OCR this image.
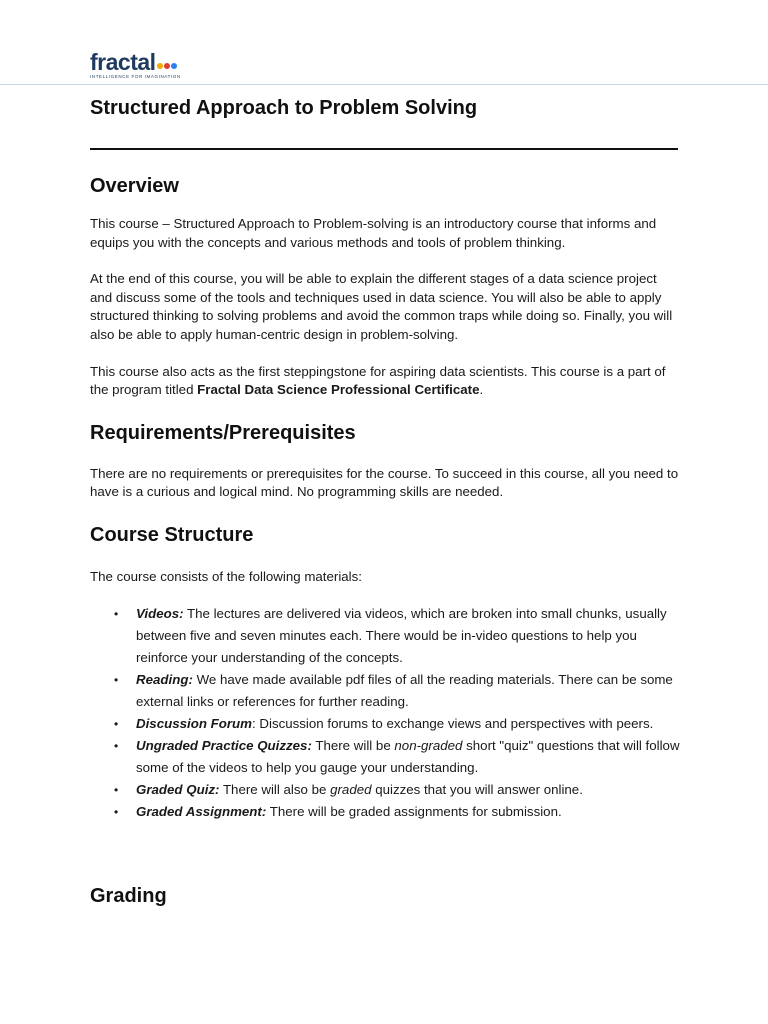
fractal
INTELLIGENCE FOR IMAGINATION
Structured Approach to Problem Solving
Overview

This course – Structured Approach to Problem-solving is an introductory course that informs and equips you with the concepts and various methods and tools of problem thinking.

At the end of this course, you will be able to explain the different stages of a data science project and discuss some of the tools and techniques used in data science. You will also be able to apply structured thinking to solving problems and avoid the common traps while doing so. Finally, you will also be able to apply human-centric design in problem-solving.

This course also acts as the first steppingstone for aspiring data scientists. This course is a part of the program titled Fractal Data Science Professional Certificate.

Requirements/Prerequisites

There are no requirements or prerequisites for the course. To succeed in this course, all you need to have is a curious and logical mind. No programming skills are needed.

Course Structure

The course consists of the following materials:

• Videos: The lectures are delivered via videos, which are broken into small chunks, usually between five and seven minutes each. There would be in-video questions to help you reinforce your understanding of the concepts.
• Reading: We have made available pdf files of all the reading materials. There can be some external links or references for further reading.
• Discussion Forum: Discussion forums to exchange views and perspectives with peers.
• Ungraded Practice Quizzes: There will be non-graded short "quiz" questions that will follow some of the videos to help you gauge your understanding.
• Graded Quiz: There will also be graded quizzes that you will answer online.
• Graded Assignment: There will be graded assignments for submission.
Grading
